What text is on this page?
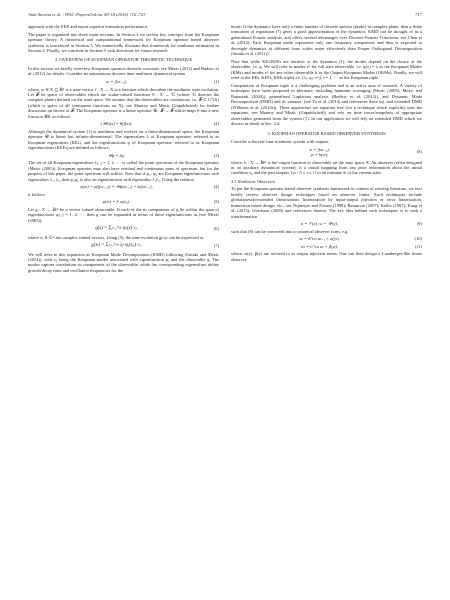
Amit Surana et al. / IFAC-PapersOnLine 49-18 (2016) 716–723	717

approach with the EKF and report superior estimation performance.

The paper is organized into three main sections. In Section 2 we review key concepts from the Koopman operator theory. A theoretical and computational framework for Koopman operator based observer synthesis is introduced in Section 3. We numerically illustrate this framework for nonlinear estimation in Section 4. Finally, we conclude in Section 5 with directions for future research.

2. OVERVIEW OF KOOPMAN OPERATOR THEORETIC TECHNIQUE

In this section we briefly overview Koopman operator theoretic concepts, see Mezic (2012) and Budisic et al. (2012) for details. Consider an autonomous discrete time nonlinear dynamical system

xₜ = f(xₜ₋₁),	(1)

where, xₜ ∈ X ⊆ ℝᵈ is a state vector, f : X → X is a function which describes the nonlinear state evolution. Let 𝓕 be space of observables which are scalar-valued functions θ : X → ℂ (where, ℂ denotes the complex plane) defined on the state space. We assume that the observables are continuous, i.e, 𝓕 ⊂ C⁰(X) (which is space of all continuous functions on X), see Mauroy and Mezic (Unpublished) for further discussion on choice of 𝓕. The Koopman operator is a linear operator 𝒰 : 𝓕 → 𝓕 which maps θ into a new function 𝒰θ, as follows

(𝒰θ)(x) = θ(f(x)).	(2)

Although the dynamical system (1) is nonlinear and evolves on a finite-dimensional space, the Koopman operator 𝒰 is linear but infinite-dimensional. The eigenvalues λ of Koopman operator, referred to as Koopman eigenvalues (KEs), and the eigenfunctions φ of Koopman operator, referred to as Koopman eigenfunctions (KEFs) are defined as follows:

𝒰φ = λφ.	(3)

The set of all Koopman eigenvalues λⱼ, j = 1, 2, ··· is called the point spectrum of the Koopman operator (Mezic (2005)). Koopman operator may also have residual and continuous parts of spectrum, but for the purpose of this paper, the point spectrum will suffice. Note that if φ₁, φ₂ are Koopman eigenfunctions with eigenvalues λ₁, λ₂, then φ₁φ₂ is also an eigenfunction with eigenvalue λ₁λ₂. Using the relation

φ(xₜ) = φ(f(xₜ₋₁)) = 𝒰φ(xₜ₋₁) = λφ(xₜ₋₁),	(4)

it follows

φ(xₜ) = λᵗ φ(x₀).	(5)

Let g : X → ℝᵐ be a vector valued observable. If each of the m components of g lie within the span of eigenfunctions φⱼ, j = 1, 2, ···, then g can be expanded in terms of these eigenfunctions as (see Mezic (2005)),

g(x) = Σⱼ₌₁^∞ φⱼ(x) vⱼ,	(6)

where vⱼ ∈ ℂᵐ are complex valued vectors. Using (5), the time evolution g(xₜ) can be expressed as

g(xₜ) = Σⱼ₌₁^∞ λⱼᵗ φⱼ(x₀) vⱼ.	(7)

We will refer to this expansion as Koopman Mode Decomposition (KMD) following (Susuki and Mezic (2014)), with vⱼ being the Koopman modes associated with eigenfunction φⱼ and the observable g. The modes capture correlations in components of the observable, while the corresponding eigenvalues define growth/decay rates and oscillation frequencies for the

mode. If the dynamics have only a finite number of discrete spectra (peaks) in complex plane, then a finite truncation of expansion (7) gives a good approximation of the dynamics. KMD can be thought of as a generalized Fourier analysis, and offers several advantages over Discrete Fourier Transform, see Chen et al. (2012). Each Koopman mode represents only one frequency component, and thus is expected to decouple dynamics at different time scales more effectively than Proper Orthogonal Decomposition (Susuki et al. (2011)).

Note that while KEs/KEFs are intrinsic to the dynamics (1), the modes depend on the choice of the observable, i.e. g. We will refer to modes vˣ for full state observable, i.e. g(x) = x as the Koopman Modes (KMs) and modes vʰ for any other observable h as the Output Koopman Modes (OKMs). Finally, we will refer to the KEs, KEFs, KMs triplet i.e. (λⱼ, φⱼ, vˣⱼ), i = 1, ··· as the Koopman tuple.

Computation of Koopman tuple is a challenging problem and is an active area of research. A variety of techniques have been proposed in literature, including harmonic averaging (Mezic (2005); Mezic and Banaszuk (2004)), generalized Laplacian analysis (Budisic et al. (2012)), and Dynamic Mode Decomposition (DMD) and its variants, (see Tu et al. (2014) and references there in), and extended DMD (Williams et al. (2015a)). These approaches are equation free (for a technique which explicitly uses the equations, see Mauroy and Mezic (Unpublished)) and rely on time traces/snapshots of appropriate observables generated from the system (1). In our application we will rely on extended DMD which we discuss in detail in Sec. 3.4.

3. KOOPMAN OPERATOR BASED OBSERVER SYNTHESIS

Consider a discrete time nonlinear system with outputs

xₜ = f(xₜ₋₁),
yₜ = h(xₜ),
(8)

where, h : X → ℝᵐ is the output function or observable on the state space X. An observer (often designed as an auxiliary dynamical system), is a causal mapping from any prior information about the initial condition x₀ and the past outputs {yₛ : 0 ≤ τ ≤ t} to an estimate x̂ₜ of the current state.

3.1 Nonlinear Observers

To put the Koopman operator based observer synthesis framework in context of existing literature, we first briefly review observer design techniques based on observer forms. Such techniques include global/pseudo/extended linearization, linearization by input-output injection or error linearization, immersion based design, etc., see Nijmeijer and Fossen (1999); Besancon (2007); Keller (1987); Kang et al. (2013); Ulrichsen (2009) and references therein. The key idea behind such techniques is to seek a transformation

u = 𝒱(x), w = 𝒲(y),	(9)

such that (8) can be converted into a canonical observer form, e.g.

uₜ = A^co uₜ₋₁ + α(yₜ),	(10)
wₜ = C^co uₜ + β(yₜ),	(11)

where, α(y), β(y) are referred to as output injection terms. One can then design a Luenberger-like linear observer,
